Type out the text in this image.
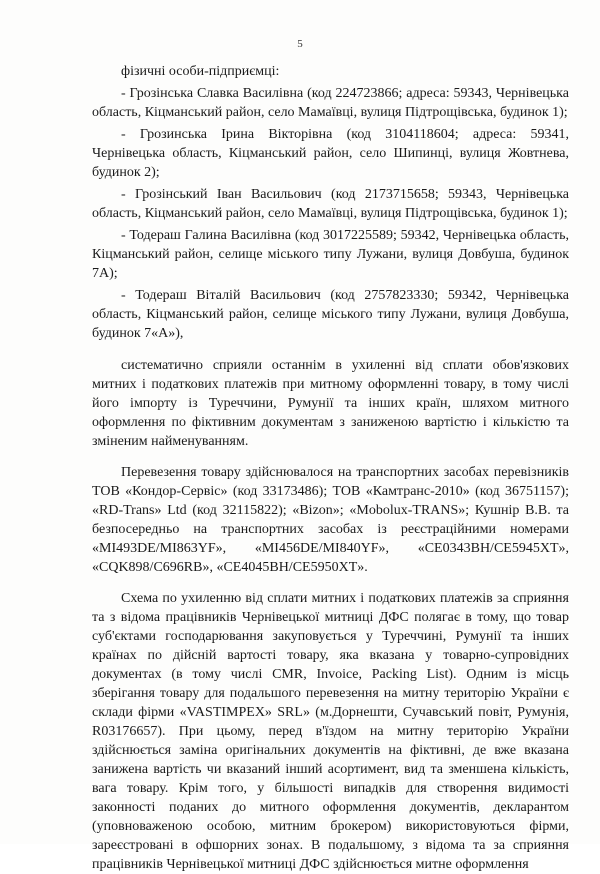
5

фізичні особи-підприємці:

- Грозінська Славка Василівна (код 224723866; адреса: 59343, Чернівецька область, Кіцманський район, село Мамаївці, вулиця Підтрощівська, будинок 1);

- Грозинська Ірина Вікторівна (код 3104118604; адреса: 59341, Чернівецька область, Кіцманський район, село Шипинці, вулиця Жовтнева, будинок 2);

- Грозінський Іван Васильович (код 2173715658; 59343, Чернівецька область, Кіцманський район, село Мамаївці, вулиця Підтрощівська, будинок 1);

- Тодераш Галина Василівна (код 3017225589; 59342, Чернівецька область, Кіцманський район, селище міського типу Лужани, вулиця Довбуша, будинок 7А);

- Тодераш Віталій Васильович (код 2757823330; 59342, Чернівецька область, Кіцманський район, селище міського типу Лужани, вулиця Довбуша, будинок 7«А»),

систематично сприяли останнім в ухиленні від сплати обов'язкових митних і податкових платежів при митному оформленні товару, в тому числі його імпорту із Туреччини, Румунії та інших країн, шляхом митного оформлення по фіктивним документам з заниженою вартістю і кількістю та зміненим найменуванням.

Перевезення товару здійснювалося на транспортних засобах перевізників ТОВ «Кондор-Сервіс» (код 33173486); ТОВ «Камтранс-2010» (код 36751157); «RD-Trans» Ltd (код 32115822); «Bizon»; «Mobolux-TRANS»; Кушнір В.В. та безпосередньо на транспортних засобах із реєстраційними номерами «MI493DE/MI863YF», «MI456DE/MI840YF», «CE0343BH/CE5945XT», «CQK898/C696RB», «CE4045BH/CE5950XT».

Схема по ухиленню від сплати митних і податкових платежів за сприяння та з відома працівників Чернівецької митниці ДФС полягає в тому, що товар суб'єктами господарювання закуповується у Туреччині, Румунії та інших країнах по дійсній вартості товару, яка вказана у товарно-супровідних документах (в тому числі CMR, Invoice, Packing List). Одним із місць зберігання товару для подальшого перевезення на митну територію України є склади фірми «VASTIMPEX» SRL» (м.Дорнешти, Сучавський повіт, Румунія, R03176657). При цьому, перед в'їздом на митну територію України здійснюється заміна оригінальних документів на фіктивні, де вже вказана занижена вартість чи вказаний інший асортимент, вид та зменшена кількість, вага товару. Крім того, у більшості випадків для створення видимості законності поданих до митного оформлення документів, декларантом (уповноваженою особою, митним брокером) використовуються фірми, зареєстровані в офшорних зонах. В подальшому, з відома та за сприяння працівників Чернівецької митниці ДФС здійснюється митне оформлення
